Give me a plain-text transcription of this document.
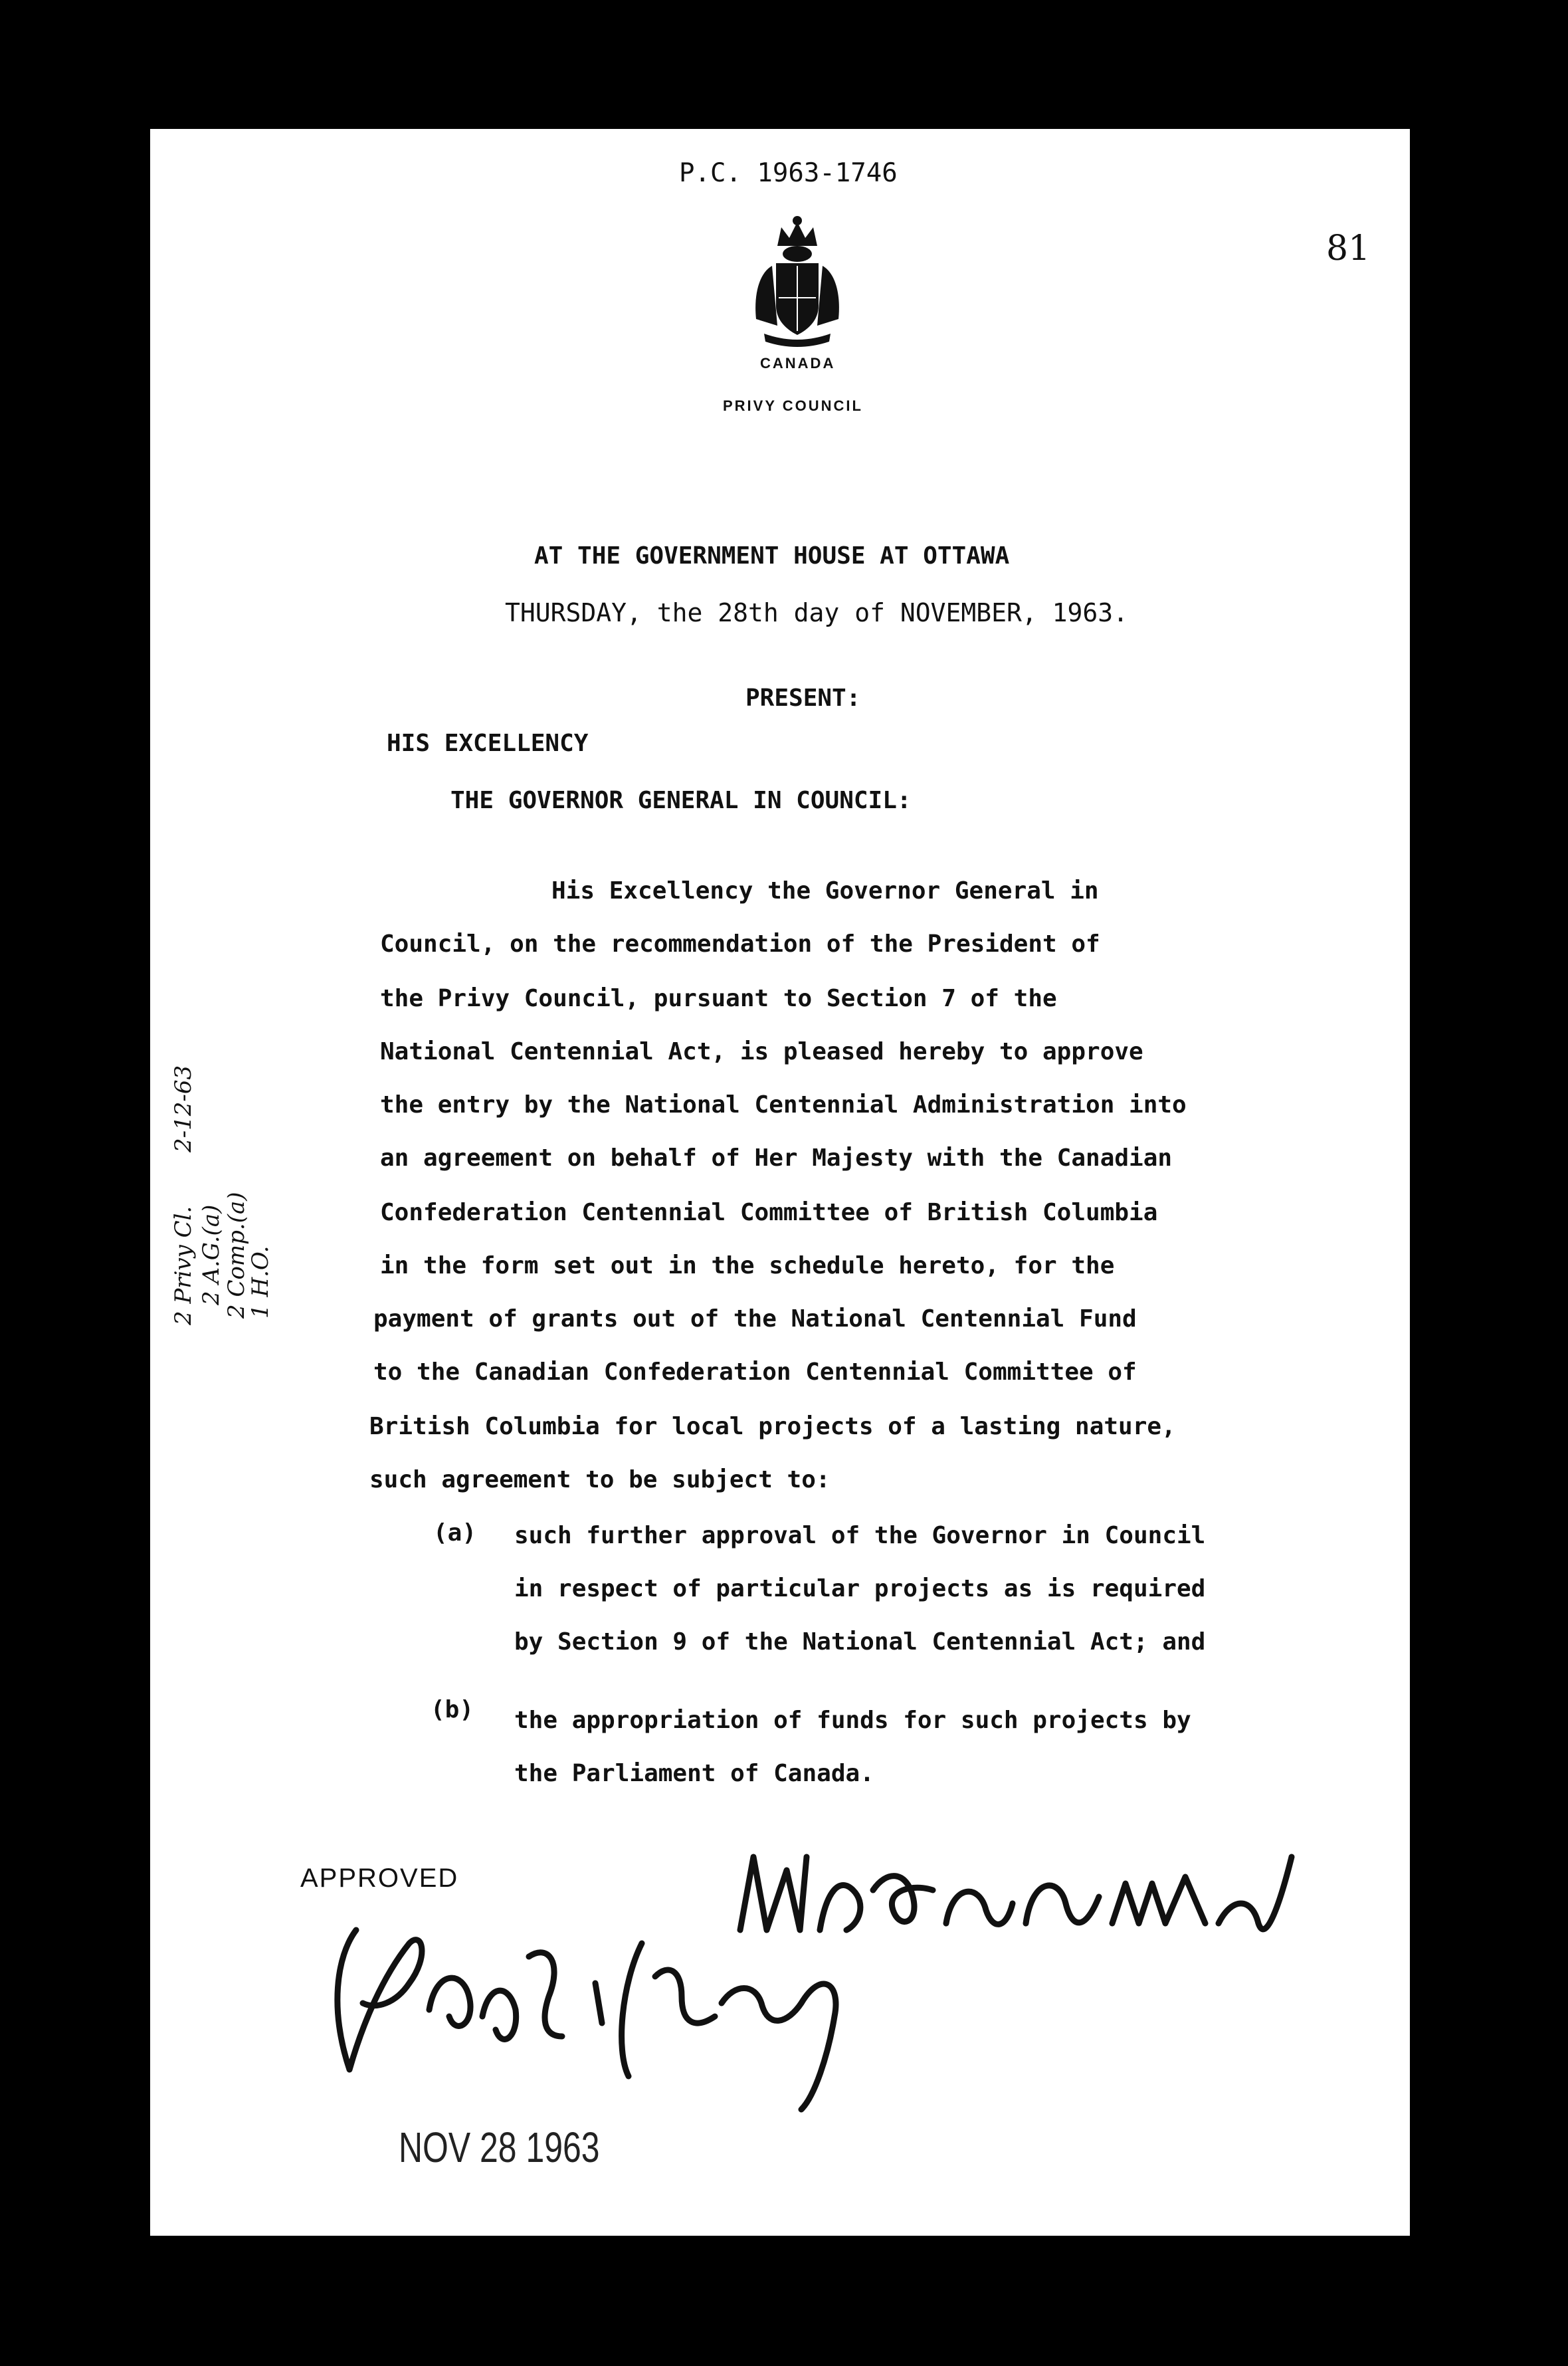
P.C. 1963-1746
81
CANADA
PRIVY COUNCIL
AT THE GOVERNMENT HOUSE AT OTTAWA
THURSDAY, the 28th day of NOVEMBER, 1963.
PRESENT:
HIS EXCELLENCY
THE GOVERNOR GENERAL IN COUNCIL:
His Excellency the Governor General in
Council, on the recommendation of the President of
the Privy Council, pursuant to Section 7 of the
National Centennial Act, is pleased hereby to approve
the entry by the National Centennial Administration into
an agreement on behalf of Her Majesty with the Canadian
Confederation Centennial Committee of British Columbia
in the form set out in the schedule hereto, for the
payment of grants out of the National Centennial Fund
to the Canadian Confederation Centennial Committee of
British Columbia for local projects of a lasting nature,
such agreement to be subject to:
(a) such further approval of the Governor in Council
in respect of particular projects as is required
by Section 9 of the National Centennial Act; and
(b) the appropriation of funds for such projects by
the Parliament of Canada.
2 Privy Cl.
2-12-63
2 A.G.(a)
2 Comp.(a)
1 H.O.
APPROVED
NOV 28 1963
